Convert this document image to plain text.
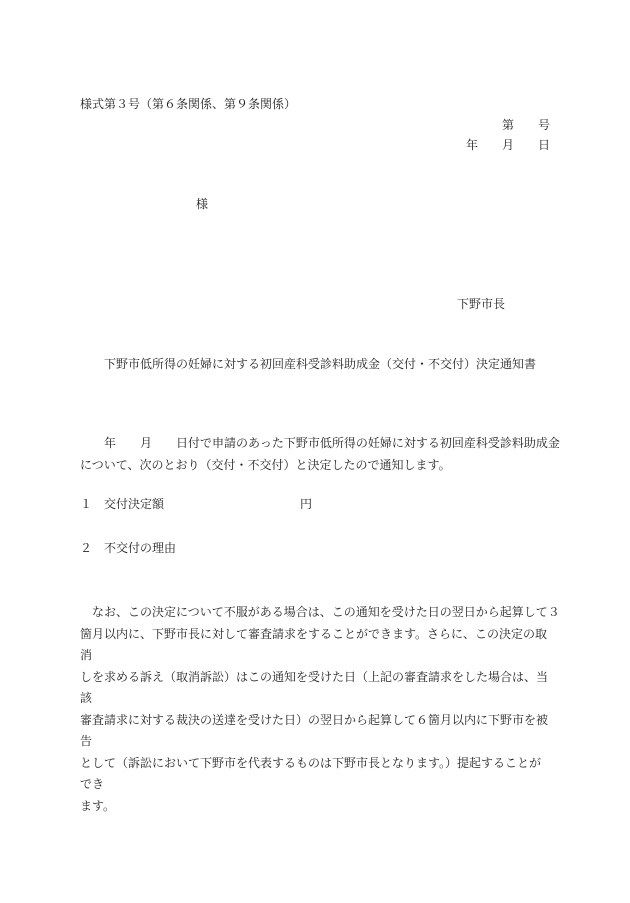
様式第３号（第６条関係、第９条関係）
第　　号
年　　月　　日
様
下野市長
下野市低所得の妊婦に対する初回産科受診料助成金（交付・不交付）決定通知書

　　年　　月　　日付で申請のあった下野市低所得の妊婦に対する初回産科受診料助成金

について、次のとおり（交付・不交付）と決定したので通知します。

１　交付決定額	円
２　不交付の理由

　なお、この決定について不服がある場合は、この通知を受けた日の翌日から起算して３

箇月以内に、下野市長に対して審査請求をすることができます。さらに、この決定の取消

しを求める訴え（取消訴訟）はこの通知を受けた日（上記の審査請求をした場合は、当該

審査請求に対する裁決の送達を受けた日）の翌日から起算して６箇月以内に下野市を被告

として（訴訟において下野市を代表するものは下野市長となります。）提起することができ

ます。
